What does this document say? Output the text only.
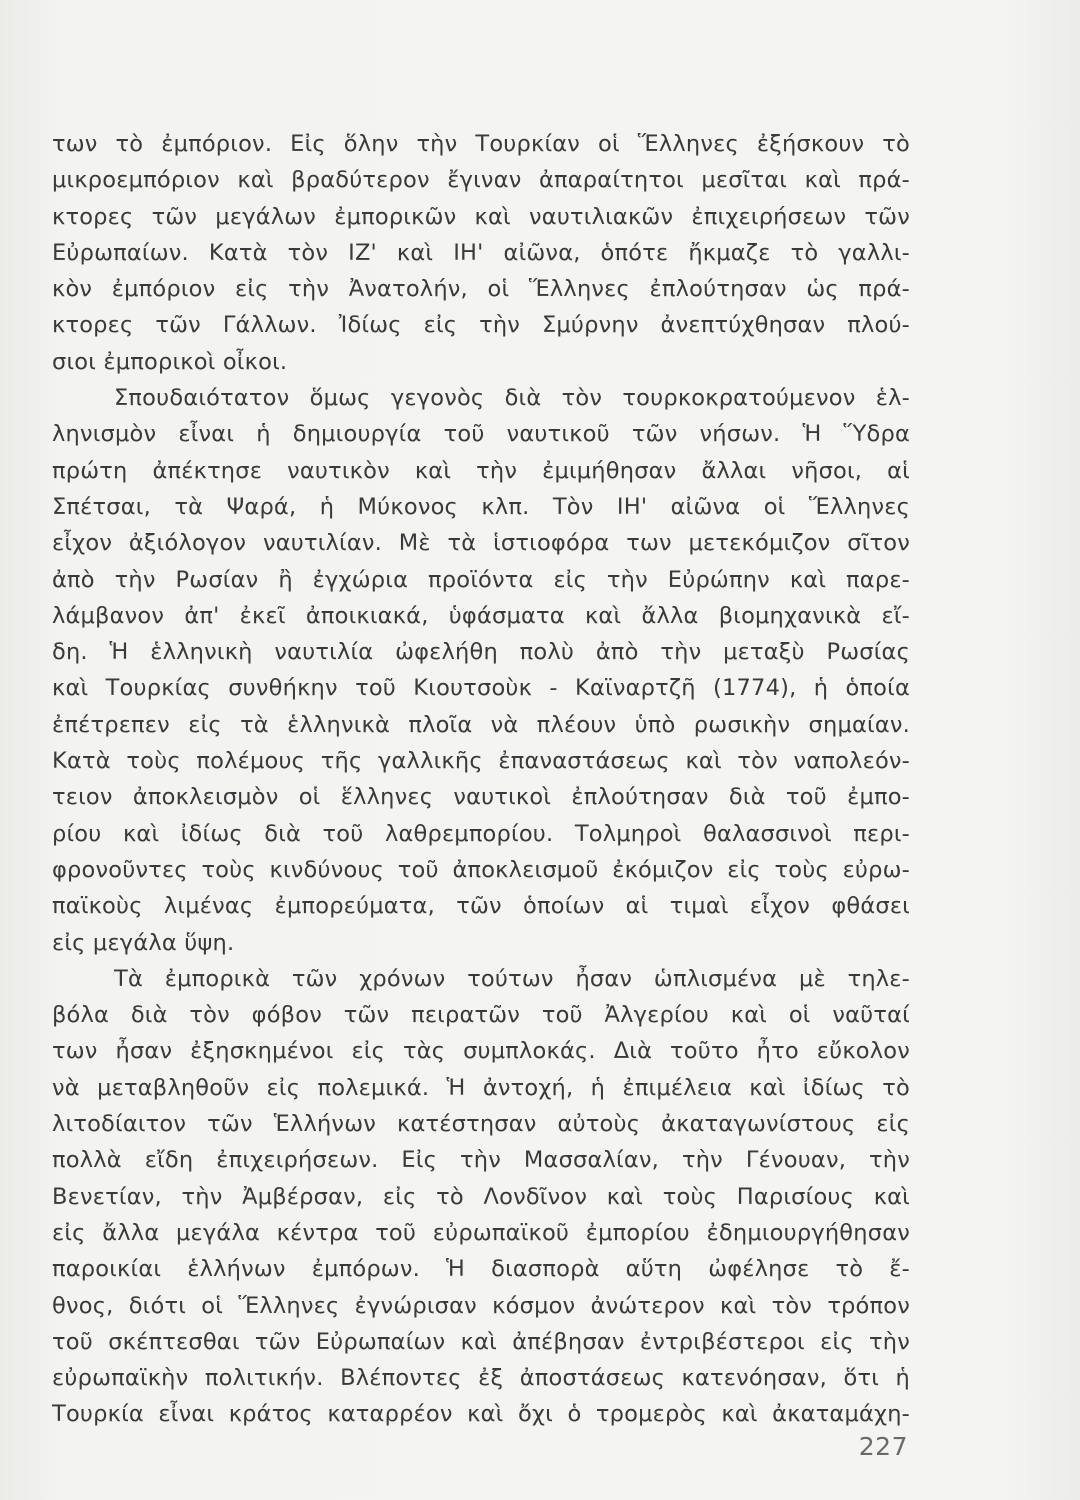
των τὸ ἐμπόριον. Εἰς ὅλην τὴν Τουρκίαν οἱ Ἕλληνες ἐξήσκουν τὸ
μικροεμπόριον καὶ βραδύτερον ἔγιναν ἀπαραίτητοι μεσῖται καὶ πρά-
κτορες τῶν μεγάλων ἐμπορικῶν καὶ ναυτιλιακῶν ἐπιχειρήσεων τῶν
Εὐρωπαίων. Κατὰ τὸν ΙΖ' καὶ ΙΗ' αἰῶνα, ὁπότε ἤκμαζε τὸ γαλλι-
κὸν ἐμπόριον εἰς τὴν Ἀνατολήν, οἱ Ἕλληνες ἐπλούτησαν ὡς πρά-
κτορες τῶν Γάλλων. Ἰδίως εἰς τὴν Σμύρνην ἀνεπτύχθησαν πλού-
σιοι ἐμπορικοὶ οἶκοι.
Σπουδαιότατον ὅμως γεγονὸς διὰ τὸν τουρκοκρατούμενον ἑλ-
ληνισμὸν εἶναι ἡ δημιουργία τοῦ ναυτικοῦ τῶν νήσων. Ἡ Ὕδρα
πρώτη ἀπέκτησε ναυτικὸν καὶ τὴν ἐμιμήθησαν ἄλλαι νῆσοι, αἱ
Σπέτσαι, τὰ Ψαρά, ἡ Μύκονος κλπ. Τὸν ΙΗ' αἰῶνα οἱ Ἕλληνες
εἶχον ἀξιόλογον ναυτιλίαν. Μὲ τὰ ἱστιοφόρα των μετεκόμιζον σῖτον
ἀπὸ τὴν Ρωσίαν ἢ ἐγχώρια προϊόντα εἰς τὴν Εὐρώπην καὶ παρε-
λάμβανον ἀπ' ἐκεῖ ἀποικιακά, ὑφάσματα καὶ ἄλλα βιομηχανικὰ εἴ-
δη. Ἡ ἑλληνικὴ ναυτιλία ὠφελήθη πολὺ ἀπὸ τὴν μεταξὺ Ρωσίας
καὶ Τουρκίας συνθήκην τοῦ Κιουτσοὺκ - Καϊναρτζῆ (1774), ἡ ὁποία
ἐπέτρεπεν εἰς τὰ ἑλληνικὰ πλοῖα νὰ πλέουν ὑπὸ ρωσικὴν σημαίαν.
Κατὰ τοὺς πολέμους τῆς γαλλικῆς ἐπαναστάσεως καὶ τὸν ναπολεόν-
τειον ἀποκλεισμὸν οἱ ἕλληνες ναυτικοὶ ἐπλούτησαν διὰ τοῦ ἐμπο-
ρίου καὶ ἰδίως διὰ τοῦ λαθρεμπορίου. Τολμηροὶ θαλασσινοὶ περι-
φρονοῦντες τοὺς κινδύνους τοῦ ἀποκλεισμοῦ ἐκόμιζον εἰς τοὺς εὐρω-
παϊκοὺς λιμένας ἐμπορεύματα, τῶν ὁποίων αἱ τιμαὶ εἶχον φθάσει
εἰς μεγάλα ὕψη.
Τὰ ἐμπορικὰ τῶν χρόνων τούτων ἦσαν ὡπλισμένα μὲ τηλε-
βόλα διὰ τὸν φόβον τῶν πειρατῶν τοῦ Ἀλγερίου καὶ οἱ ναῦταί
των ἦσαν ἐξησκημένοι εἰς τὰς συμπλοκάς. Διὰ τοῦτο ἦτο εὔκολον
νὰ μεταβληθοῦν εἰς πολεμικά. Ἡ ἀντοχή, ἡ ἐπιμέλεια καὶ ἰδίως τὸ
λιτοδίαιτον τῶν Ἑλλήνων κατέστησαν αὐτοὺς ἀκαταγωνίστους εἰς
πολλὰ εἴδη ἐπιχειρήσεων. Εἰς τὴν Μασσαλίαν, τὴν Γένουαν, τὴν
Βενετίαν, τὴν Ἀμβέρσαν, εἰς τὸ Λονδῖνον καὶ τοὺς Παρισίους καὶ
εἰς ἄλλα μεγάλα κέντρα τοῦ εὐρωπαϊκοῦ ἐμπορίου ἐδημιουργήθησαν
παροικίαι ἑλλήνων ἐμπόρων. Ἡ διασπορὰ αὕτη ὠφέλησε τὸ ἔ-
θνος, διότι οἱ Ἕλληνες ἐγνώρισαν κόσμον ἀνώτερον καὶ τὸν τρόπον
τοῦ σκέπτεσθαι τῶν Εὐρωπαίων καὶ ἀπέβησαν ἐντριβέστεροι εἰς τὴν
εὐρωπαϊκὴν πολιτικήν. Βλέποντες ἐξ ἀποστάσεως κατενόησαν, ὅτι ἡ
Τουρκία εἶναι κράτος καταρρέον καὶ ὄχι ὁ τρομερὸς καὶ ἀκαταμάχη-
227
